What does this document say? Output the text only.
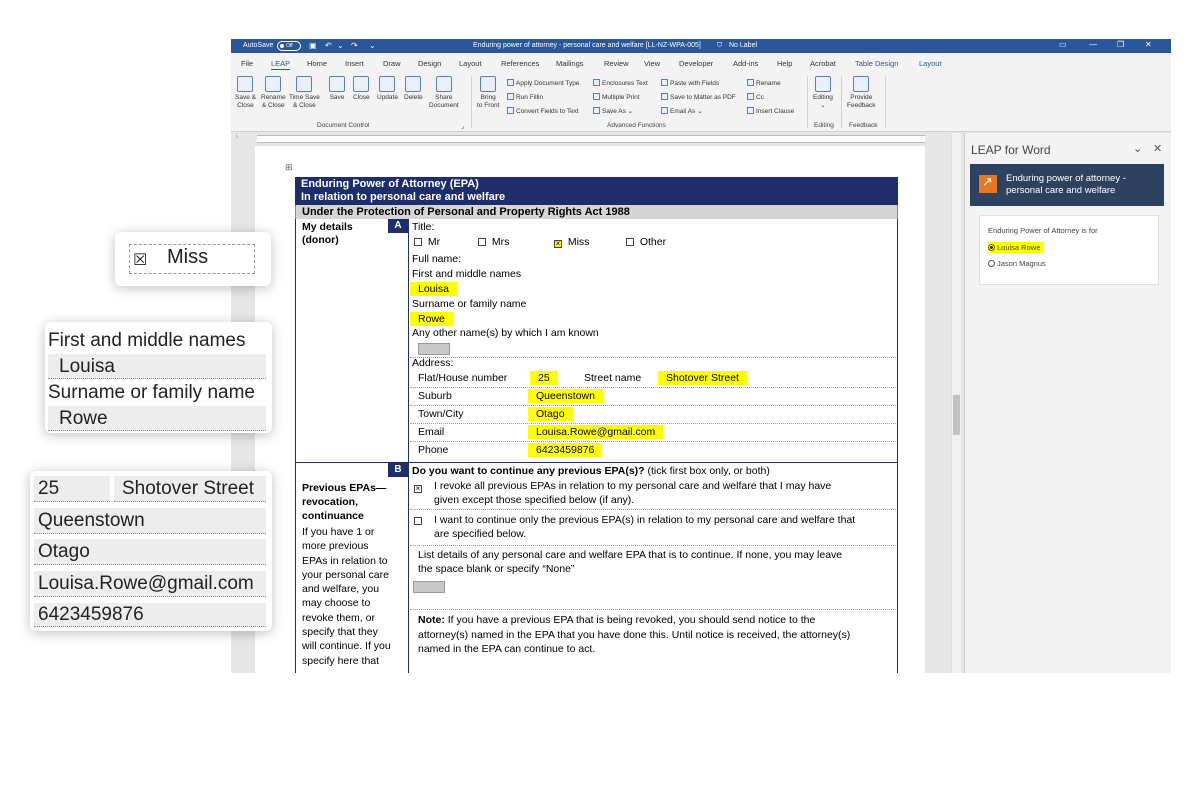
AutoSave	Off	▣ ↶ ⌄ ↷ ⌄	Enduring power of attorney - personal care and welfare [LL-NZ-WPA-005] ⛉ No Label	▭	—	❐	✕
File LEAP Home Insert	Draw Design Layout	References Mailings	Review View	Developer	Add-ins Help Acrobat	Table Design	Layout
Save &
Close
Rename
& Close
Time Save
& Close
Save Close Update Delete	Share
Document
Bring
to Front
Apply Document Type
Run Fillin
Convert Fields to Text
Enclosures Text
Multiple Print
Save As ⌄
Paste with Fields
Save to Matter as PDF
Email As ⌄
Rename
Cc
Insert Clause
Editing
⌄
Provide
Feedback
Document Control	⌟	Advanced Functions	Editing Feedback
└
⊞
Enduring Power of Attorney (EPA)
In relation to personal care and welfare
Under the Protection of Personal and Property Rights Act 1988
My details
(donor)
A Title:
Mr	Mrs	× Miss	Other
Full name:
First and middle names
Louisa
Surname or family name
Rowe
Any other name(s) by which I am known
Address:
Flat/House number	25	Street name	Shotover Street
Suburb	Queenstown
Town/City	Otago
Email	Louisa.Rowe@gmail.com
Phone	6423459876
Previous EPAs—
revocation,
continuance
If you have 1 or
more previous
EPAs in relation to
your personal care
and welfare, you
may choose to
revoke them, or
specify that they
will continue. If you
specify here that
B Do you want to continue any previous EPA(s)? (tick first box only, or both)
× I revoke all previous EPAs in relation to my personal care and welfare that I may have
given except those specified below (if any).
I want to continue only the previous EPA(s) in relation to my personal care and welfare that
are specified below.
List details of any personal care and welfare EPA that is to continue. If none, you may leave
the space blank or specify “None”
Note: If you have a previous EPA that is being revoked, you should send notice to the
attorney(s) named in the EPA that you have done this. Until notice is received, the attorney(s)
named in the EPA can continue to act.
LEAP for Word	⌄ ✕
↗
Enduring power of attorney - personal care and welfare
Enduring Power of Attorney is for
Louisa Rowe
Jason Magnus
☒ Miss
First and middle names
Louisa
Surname or family name
Rowe
25	Shotover Street
Queenstown
Otago
Louisa.Rowe@gmail.com
6423459876
